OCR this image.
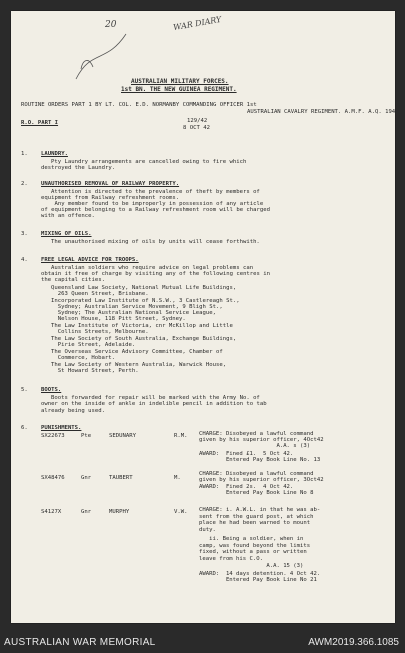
20	WAR DIARY
AUSTRALIAN MILITARY FORCES.
1st BN. THE NEW GUINEA REGIMENT.
ROUTINE ORDERS PART 1 BY LT. COL. E.D. NORMANBY COMMANDING OFFICER 1st
AUSTRALIAN CAVALRY REGIMENT. A.M.F. A.Q. 1942
R.O. PART I	129/42
8 OCT 42
1. LAUNDRY.
Pty Laundry arrangements are cancelled owing to fire which
destroyed the Laundry.
2. UNAUTHORISED REMOVAL OF RAILWAY PROPERTY.
Attention is directed to the prevalence of theft by members of
equipment from Railway refreshment rooms.
Any member found to be improperly in possession of any article
of equipment belonging to a Railway refreshment room will be charged
with an offence.
3. MIXING OF OILS.
The unauthorised mixing of oils by units will cease forthwith.
4. FREE LEGAL ADVICE FOR TROOPS.
Australian soldiers who require advice on legal problems can
obtain it free of charge by visiting any of the following centres in
the capital cities.
Queensland Law Society, National Mutual Life Buildings,
263 Queen Street, Brisbane.
Incorporated Law Institute of N.S.W., 3 Castlereagh St.,
Sydney; Australian Service Movement, 9 Bligh St.,
Sydney; The Australian National Service League,
Nelson House, 118 Pitt Street, Sydney.
The Law Institute of Victoria, cnr McKillop and Little
Collins Streets, Melbourne.
The Law Society of South Australia, Exchange Buildings,
Pirie Street, Adelaide.
The Overseas Service Advisory Committee, Chamber of
Commerce, Hobart.
The Law Society of Western Australia, Warwick House,
St Howard Street, Perth.
5. BOOTS.
Boots forwarded for repair will be marked with the Army No. of
owner on the inside of ankle in indelible pencil in addition to tab
already being used.
6. PUNISHMENTS.
SX22673	Pte	SEDUNARY	R.M. CHARGE: Disobeyed a lawful command
given by his superior officer, 4Oct42
A.A. s (3)
AWARD:  Fined £1.  5 Oct 42.
Entered Pay Book Line No. 13
SX48476	Gnr	TAUBERT	M.
CHARGE: Disobeyed a lawful command
given by his superior officer, 3Oct42
AWARD:  Fined 2s.  4 Oct 42.
Entered Pay Book Line No 8
S4127X	Gnr	MURPHY	V.W. CHARGE: i. A.W.L. in that he was ab-
sent from the guard post, at which
place he had been warned to mount
duty.
ii. Being a soldier, when in
camp, was found beyond the limits
fixed, without a pass or written
leave from his C.O.
A.A. 15 (3)
AWARD:  14 days detention. 4 Oct 42.
Entered Pay Book Line No 21
AUSTRALIAN WAR MEMORIAL	AWM2019.366.1085
